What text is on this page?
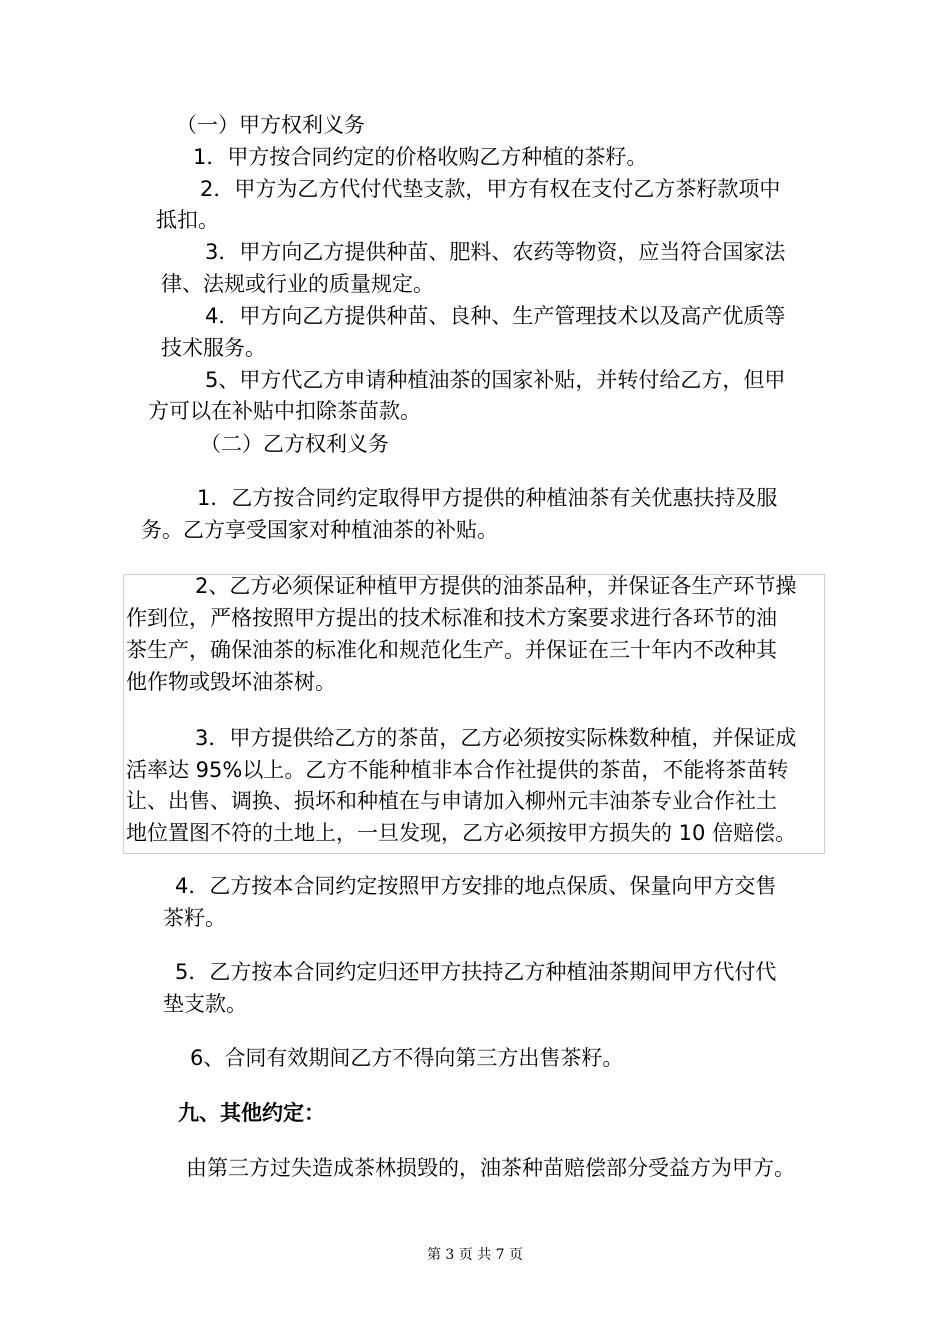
（一）甲方权利义务
1．甲方按合同约定的价格收购乙方种植的茶籽。
2．甲方为乙方代付代垫支款，甲方有权在支付乙方茶籽款项中
抵扣。
3．甲方向乙方提供种苗、肥料、农药等物资，应当符合国家法
律、法规或行业的质量规定。
4．甲方向乙方提供种苗、良种、生产管理技术以及高产优质等
技术服务。
5、甲方代乙方申请种植油茶的国家补贴，并转付给乙方，但甲
方可以在补贴中扣除茶苗款。
（二）乙方权利义务
1．乙方按合同约定取得甲方提供的种植油茶有关优惠扶持及服
务。乙方享受国家对种植油茶的补贴。
2、乙方必须保证种植甲方提供的油茶品种，并保证各生产环节操
作到位，严格按照甲方提出的技术标准和技术方案要求进行各环节的油
茶生产，确保油茶的标准化和规范化生产。并保证在三十年内不改种其
他作物或毁坏油茶树。
3．甲方提供给乙方的茶苗，乙方必须按实际株数种植，并保证成
活率达 95%以上。乙方不能种植非本合作社提供的茶苗，不能将茶苗转
让、出售、调换、损坏和种植在与申请加入柳州元丰油茶专业合作社土
地位置图不符的土地上，一旦发现，乙方必须按甲方损失的 10 倍赔偿。
4．乙方按本合同约定按照甲方安排的地点保质、保量向甲方交售
茶籽。
5．乙方按本合同约定归还甲方扶持乙方种植油茶期间甲方代付代
垫支款。
6、合同有效期间乙方不得向第三方出售茶籽。
九、其他约定：
由第三方过失造成茶林损毁的，油茶种苗赔偿部分受益方为甲方。
第 3 页 共 7 页
